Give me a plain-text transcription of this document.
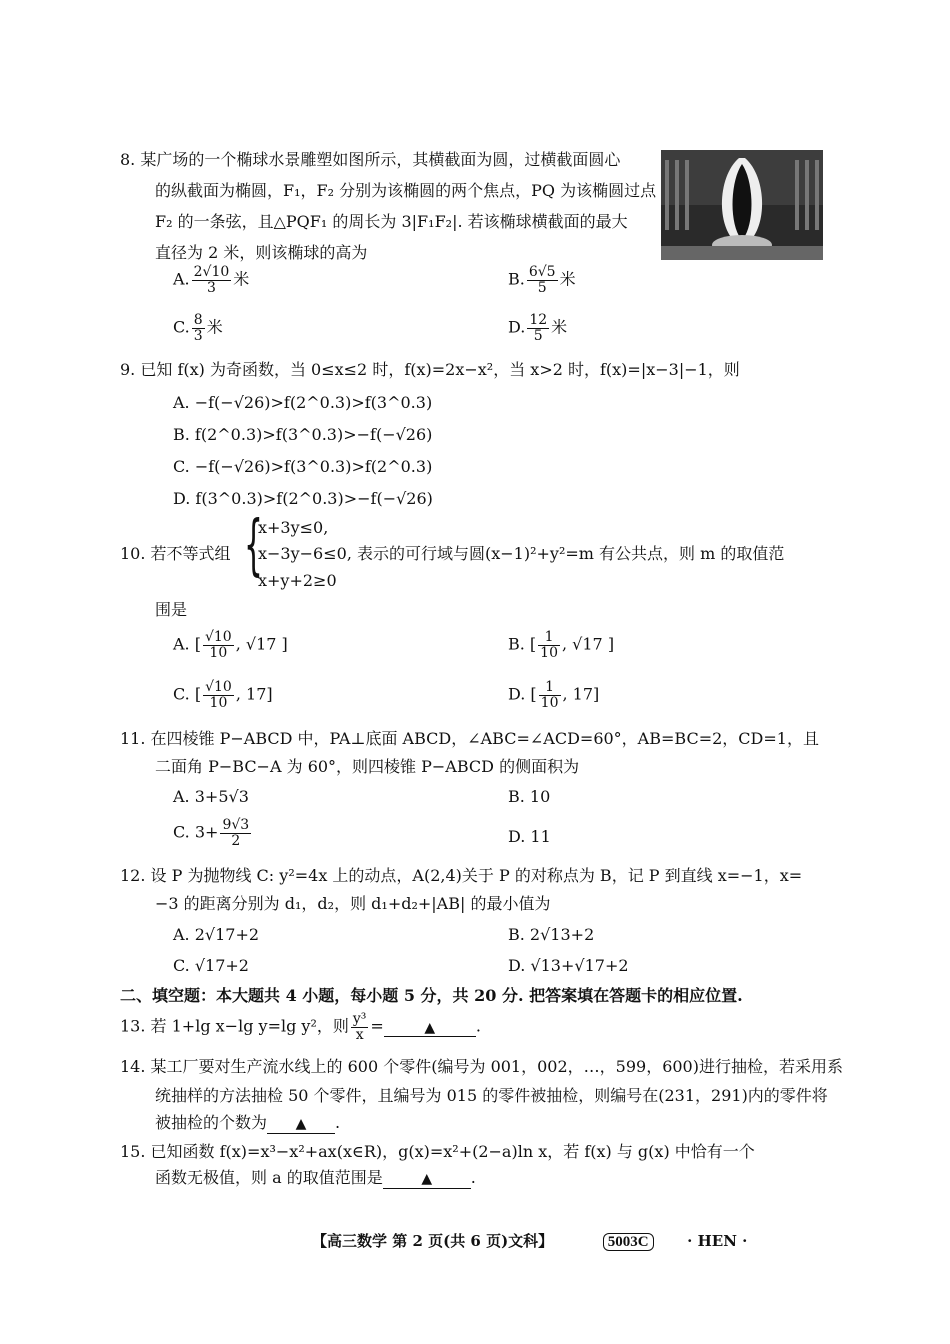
8. 某广场的一个椭球水景雕塑如图所示，其横截面为圆，过横截面圆心
的纵截面为椭圆，F₁，F₂ 分别为该椭圆的两个焦点，PQ 为该椭圆过点
F₂ 的一条弦，且△PQF₁ 的周长为 3|F₁F₂|. 若该椭球横截面的最大
直径为 2 米，则该椭球的高为
A. $\frac{2√10}{3}$ 米	B. $\frac{6√5}{5}$ 米
C. $\frac{8}{3}$ 米	D. $\frac{12}{5}$ 米
9. 已知 f(x) 为奇函数，当 0≤x≤2 时，f(x)=2x−x²，当 x>2 时，f(x)=|x−3|−1，则
A. −f(−√26)>f(2^0.3)>f(3^0.3)
B. f(2^0.3)>f(3^0.3)>−f(−√26)
C. −f(−√26)>f(3^0.3)>f(2^0.3)
D. f(3^0.3)>f(2^0.3)>−f(−√26)
x+3y≤0,
10. 若不等式组 {
x−3y−6≤0, 表示的可行域与圆(x−1)²+y²=m 有公共点，则 m 的取值范
x+y+2≥0
围是
A. [ $\frac{√10}{10}$ , √17 ]	B. [ $\frac{1}{10}$ , √17 ]
C. [ $\frac{√10}{10}$ , 17]	D. [ $\frac{1}{10}$ , 17]
11. 在四棱锥 P−ABCD 中，PA⊥底面 ABCD，∠ABC=∠ACD=60°，AB=BC=2，CD=1，且
二面角 P−BC−A 为 60°，则四棱锥 P−ABCD 的侧面积为
A. 3+5√3	B. 10
C. $3+ \frac{9√3}{2}$	D. 11
12. 设 P 为抛物线 C: y²=4x 上的动点，A(2,4)关于 P 的对称点为 B，记 P 到直线 x=−1，x=
−3 的距离分别为 d₁，d₂，则 d₁+d₂+|AB| 的最小值为
A. 2√17+2	B. 2√13+2
C. √17+2	D. √13+√17+2
二、填空题：本大题共 4 小题，每小题 5 分，共 20 分. 把答案填在答题卡的相应位置.
13. 若 1+lg x−lg y=lg y²，则 $\frac{\text{y³}}{x}$ =	▲	.
14. 某工厂要对生产流水线上的 600 个零件(编号为 001，002，…，599，600)进行抽检，若采用系
统抽样的方法抽检 50 个零件，且编号为 015 的零件被抽检，则编号在(231，291)内的零件将
被抽检的个数为 ▲ .
15. 已知函数 f(x)=x³−x²+ax(x∈R)，g(x)=x²+(2−a)ln x，若 f(x) 与 g(x) 中恰有一个
函数无极值，则 a 的取值范围是	▲ .
【高三数学 第 2 页(共 6 页)文科】	5003C	· HEN ·
